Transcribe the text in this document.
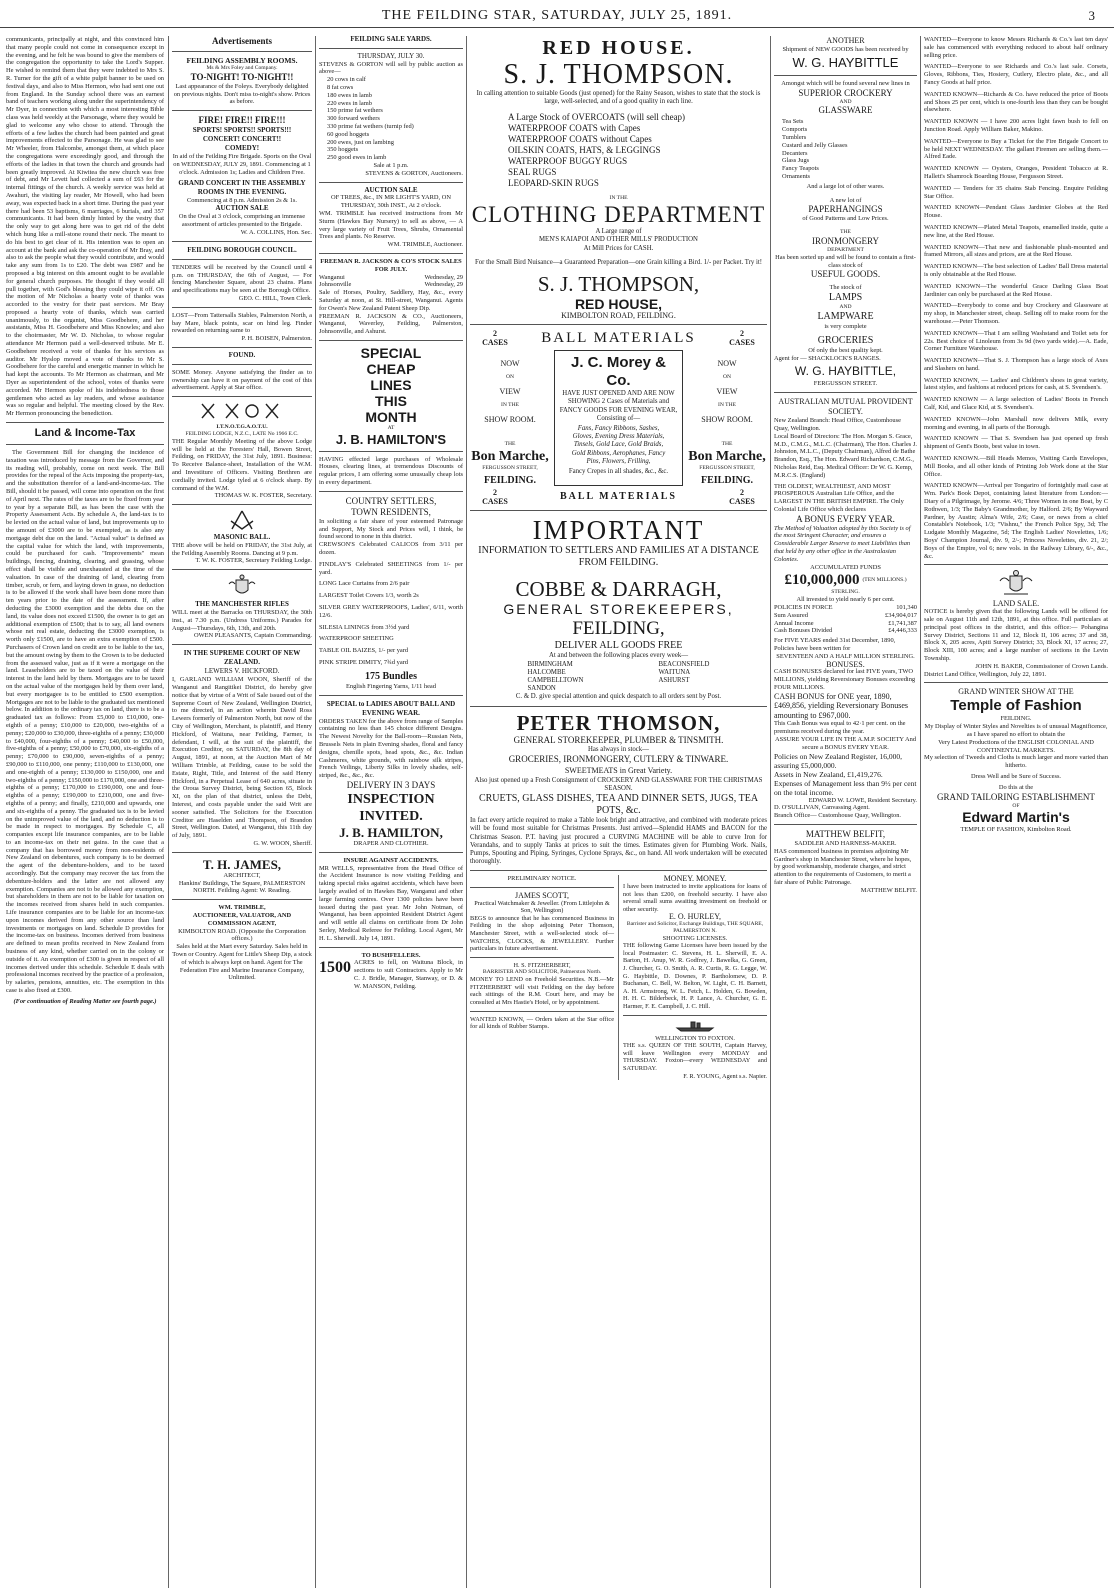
THE FEILDING STAR, SATURDAY, JULY 25, 1891.	3

communicants, principally at night, and this convinced him that many people could not come in consequence except in the evening, and he felt he was bound to give the members of the congregation the opportunity to take the Lord's Supper. He wished to remind them that they were indebted to Mrs S. R. Turner for the gift of a white pulpit banner to be used on festival days, and also to Miss Hermon, who had sent one out from England. In the Sunday school there was an earnest band of teachers working along under the superintendency of Mr Dyer, in connection with which a most interesting Bible class was held weekly at the Parsonage, where they would be glad to welcome any who chose to attend. Through the efforts of a few ladies the church had been painted and great improvements effected to the Parsonage. He was glad to see Mr Wheeler, from Halcombe, amongst them, at which place the congregations were exceedingly good, and through the efforts of the ladies in that town the church and grounds had been greatly improved. At Kiwitea the new church was free of debt, and Mr Levett had collected a sum of £63 for the internal fittings of the church. A weekly service was held at Awahuri, the visiting lay reader, Mr Howell, who had been away, was expected back in a short time. During the past year there had been 53 baptisms, 6 marriages, 6 burials, and 357 communicants. It had been dimly hinted by the vestry that the only way to get along here was to get rid of the debt which hung like a mill-stone round their neck. The meant to do his best to get clear of it. His intention was to open an account at the bank and ask the co-operation of Mr Bray, and also to ask the people what they would contribute, and would take any sum from 1s to £20. The debt was £987 and he proposed a big interest on this amount ought to be available for general church purposes. He thought if they would all pull together, with God's blessing they could wipe it off. On the motion of Mr Nicholas a hearty vote of thanks was accorded to the vestry for their past services. Mr Bray proposed a hearty vote of thanks, which was carried unanimously, to the organist, Miss Goodbehere, and her assistants, Miss H. Goodbehere and Miss Knowles; and also to the choirmaster, Mr W. D. Nicholas, to whose regular attendance Mr Hermon paid a well-deserved tribute. Mr E. Goodbehere received a vote of thanks for his services as auditor. Mr Hyslop moved a vote of thanks to Mr S. Goodbehere for the careful and energetic manner in which he had kept the accounts. To Mr Hermon as chairman, and Mr Dyer as superintendent of the school, votes of thanks were accorded. Mr Hermon spoke of his indebtedness to those gentlemen who acted as lay readers, and whose assistance was so regular and helpful. The meeting closed by the Rev. Mr Hermon pronouncing the benediction.

Land & Income-Tax

The Government Bill for changing the incidence of taxation was introduced by message from the Governor, and its reading will, probably, come on next week. The Bill provides for the repeal of the Acts imposing the property-tax, and the substitution therefor of a land-and-income-tax. The Bill, should it be passed, will come into operation on the first of April next. The rates of the taxes are to be fixed from year to year by a separate Bill, as has been the case with the Property Assessment Acts. By schedule A, the land-tax is to be levied on the actual value of land, but improvements up to the amount of £3000 are to be exempted, as is also any mortgage debt due on the land. "Actual value" is defined as the capital value for which the land, with improvements, could be purchased for cash. "Improvements" mean buildings, fencing, draining, clearing, and grassing, whose effect shall be visible and unexhausted at the time of the valuation. In case of the draining of land, clearing from timber, scrub, or fern, and laying down in grass, no deduction is to be allowed if the work shall have been done more than ten years prior to the date of the assessment. If, after deducting the £3000 exemption and the debts due on the land, its value does not exceed £1500, the owner is to get an additional exemption of £500; that is to say, all land owners whose net real estate, deducting the £3000 exemption, is worth only £1500, are to have an extra exemption of £500. Purchasers of Crown land on credit are to be liable to the tax, but the amount owing by them to the Crown is to be deducted from the assessed value, just as if it were a mortgage on the land. Leaseholders are to be taxed on the value of their interest in the land held by them. Mortgages are to be taxed on the actual value of the mortgages held by them over land, but every mortgagee is to be entitled to £500 exemption. Mortgages are not to be liable to the graduated tax mentioned below. In addition to the ordinary tax on land, there is to be a graduated tax as follows: From £5,000 to £10,000, one-eighth of a penny; £10,000 to £20,000, two-eighths of a penny; £20,000 to £30,000, three-eighths of a penny; £30,000 to £40,000, four-eighths of a penny; £40,000 to £50,000, five-eighths of a penny; £50,000 to £70,000, six-eighths of a penny; £70,000 to £90,000, seven-eighths of a penny; £90,000 to £110,000, one penny; £110,000 to £130,000, one and one-eighth of a penny; £130,000 to £150,000, one and two-eighths of a penny; £150,000 to £170,000, one and three-eighths of a penny; £170,000 to £190,000, one and four-eighths of a penny; £190,000 to £210,000, one and five-eighths of a penny; and finally, £210,000 and upwards, one and six-eighths of a penny. The graduated tax is to be levied on the unimproved value of the land, and no deduction is to be made in respect to mortgages. By Schedule C, all companies except life insurance companies, are to be liable to an income-tax on their net gains. In the case that a company that has borrowed money from non-residents of New Zealand on debentures, such company is to be deemed the agent of the debenture-holders, and to be taxed accordingly. But the company may recover the tax from the debenture-holders and the latter are not allowed any exemption. Companies are not to be allowed any exemption, but shareholders in them are not to be liable for taxation on the incomes received from shares held in such companies. Life insurance companies are to be liable for an income-tax upon incomes derived from any other source than land investments or mortgages on land. Schedule D provides for the income-tax on business. Incomes derived from business are defined to mean profits received in New Zealand from business of any kind, whether carried on in the colony or outside of it. An exemption of £300 is given in respect of all incomes derived under this schedule. Schedule E deals with professional incomes received by the practice of a profession, by salaries, pensions, annuities, etc. The exemption in this case is also fixed at £300.

(For continuation of Reading Matter see fourth page.)
Advertisements
FEILDING ASSEMBLY ROOMS.
Ms & Mrs Foley and Company.
TO-NIGHT! TO-NIGHT!!
Last appearance of the Foleys. Everybody delighted on previous nights. Don't miss to-night's show. Prices as before.
FIRE! FIRE!! FIRE!!!
SPORTS! SPORTS!! SPORTS!!!
CONCERT! CONCERT!!
COMEDY!
In aid of the Feilding Fire Brigade. Sports on the Oval on WEDNESDAY, JULY 29, 1891. Commencing at 1 o'clock. Admission 1s; Ladies and Children Free.
GRAND CONCERT IN THE ASSEMBLY ROOMS IN THE EVENING.
Commencing at 8 p.m. Admission 2s & 1s.
AUCTION SALE
On the Oval at 3 o'clock, comprising an immense assortment of articles presented to the Brigade.
W. A. COLLINS, Hon. Sec.
FEILDING BOROUGH COUNCIL.
TENDERS will be received by the Council until 4 p.m. on THURSDAY, the 6th of August, — For fencing Manchester Square, about 23 chains. Plans and specifications may be seen at the Borough Office.
GEO. C. HILL, Town Clerk.
LOST—From Tattersalls Stables, Palmerston North, a bay Mare, black points, scar on hind leg. Finder rewarded on returning same to
P. H. BOISEN, Palmerston.
FOUND.
SOME Money. Anyone satisfying the finder as to ownership can have it on payment of the cost of this advertisement. Apply at Star office.
I.T.N.O.T.G.A.O.T.U.
FEILDING LODGE, N.Z.C., LATE No 1966 E.C.
THE Regular Monthly Meeting of the above Lodge will be held at the Foresters' Hall, Bowen Street, Feilding, on FRIDAY, the 31st July, 1891. Business: To Receive Balance-sheet, Installation of the W.M. and Investiture of Officers. Visiting Brethren are cordially invited. Lodge tyled at 6 o'clock sharp. By command of the W.M.
THOMAS W. K. FOSTER, Secretary.
MASONIC BALL.
THE above will be held on FRIDAY, the 31st July, at the Feilding Assembly Rooms. Dancing at 9 p.m.
T. W. K. FOSTER, Secretary Feilding Lodge.
THE MANCHESTER RIFLES
WILL meet at the Barracks on THURSDAY, the 30th inst., at 7.30 p.m. (Undress Uniforms.) Parades for August—Thursdays, 6th, 13th, and 20th.
OWEN PLEASANTS, Captain Commanding.
IN THE SUPREME COURT OF NEW ZEALAND.
LEWERS V. HICKFORD.
I, GARLAND WILLIAM WOON, Sheriff of the Wanganui and Rangitikei District, do hereby give notice that by virtue of a Writ of Sale issued out of the Supreme Court of New Zealand, Wellington District, to me directed, in an action wherein David Ross Lewers formerly of Palmerston North, but now of the City of Wellington, Merchant, is plaintiff, and Henry Hickford, of Waituna, near Feilding, Farmer, is defendant, I will, at the suit of the plaintiff, the Execution Creditor, on SATURDAY, the 8th day of August, 1891, at noon, at the Auction Mart of Mr William Trimble, at Feilding, cause to be sold the Estate, Right, Title, and Interest of the said Henry Hickford, in a Perpetual Lease of 640 acres, situate in the Oroua Survey District, being Section 65, Block XI, on the plan of that district, unless the Debt, Interest, and costs payable under the said Writ are sooner satisfied. The Solicitors for the Execution Creditor are Haselden and Thompson, of Brandon Street, Wellington. Dated, at Wanganui, this 11th day of July, 1891.
G. W. WOON, Sheriff.
T. H. JAMES,
ARCHITECT,
Hankins' Buildings, The Square, PALMERSTON NORTH. Feilding Agent: W. Reading.
WM. TRIMBLE,
AUCTIONEER, VALUATOR, AND COMMISSION AGENT,
KIMBOLTON ROAD. (Opposite the Corporation offices.)
Sales held at the Mart every Saturday. Sales held in Town or Country. Agent for Little's Sheep Dip, a stock of which is always kept on hand. Agent for The Federation Fire and Marine Insurance Company, Unlimited.
FEILDING SALE YARDS.
THURSDAY, JULY 30.
STEVENS & GORTON will sell by public auction as above—
20 cows in calf
8 fat cows
180 ewes in lamb
220 ewes in lamb
150 prime fat wethers
300 forward wethers
330 prime fat wethers (turnip fed)
60 good hoggets
200 ewes, just on lambing
350 hoggets
250 good ewes in lamb
Sale at 1 p.m.
STEVENS & GORTON, Auctioneers.
AUCTION SALE
OF TREES, &c., IN MR LIGHT'S YARD, ON THURSDAY, 30th INST., At 2 o'clock.
WM. TRIMBLE has received instructions from Mr Sturm (Hawkes Bay Nursery) to sell as above, — A very large variety of Fruit Trees, Shrubs, Ornamental Trees and plants. No Reserve.
WM. TRIMBLE, Auctioneer.
FREEMAN R. JACKSON & CO'S STOCK SALES FOR JULY.
Wanganui	Wednesday, 29
Johnsonville	Wednesday, 29
Sale of Horses, Poultry, Saddlery, Hay, &c., every Saturday at noon, at St. Hill-street, Wanganui. Agents for Owen's New Zealand Patent Sheep Dip.
FREEMAN R. JACKSON & CO., Auctioneers, Wanganui, Waverley, Feilding, Palmerston, Johnsonville, and Ashurst.
SPECIAL
CHEAP
LINES
THIS
MONTH
AT
J. B. HAMILTON'S
HAVING effected large purchases of Wholesale Houses, clearing lines, at tremendous Discounts of regular prices, I am offering some unusually cheap lots in every department.
COUNTRY SETTLERS,
TOWN RESIDENTS,
In soliciting a fair share of your esteemed Patronage and Support, My Stock and Prices will, I think, be found second to none in this district.
CREWSON'S Celebrated CALICOS from 3/11 per dozen.
FINDLAY'S Celebrated SHEETINGS from 1/- per yard.
LONG Lace Curtains from 2/6 pair
LARGEST Toilet Covers 1/3, worth 2s
SILVER GREY WATERPROOFS, Ladies', 6/11, worth 12/6.
SILESIA LININGS from 3½d yard
WATERPROOF SHEETING
TABLE OIL BAIZES, 1/- per yard
PINK STRIPE DIMITY, 7¾d yard
175 Bundles
English Fingering Yarns, 1/11 head
SPECIAL to LADIES ABOUT BALL AND EVENING WEAR.
ORDERS TAKEN for the above from range of Samples containing no less than 145 choice different Designs. The Newest Novelty for the Ball-room—Russian Nets, Brussels Nets in plain Evening shades, floral and fancy designs, chenille spots, head spots, &c., &c. Indian Cashmeres, white grounds, with rainbow silk stripes, French Veilings, Liberty Silks in lovely shades, self-striped, &c., &c., &c.
DELIVERY IN 3 DAYS
INSPECTION INVITED.
J. B. HAMILTON,
DRAPER AND CLOTHIER.
INSURE AGAINST ACCIDENTS.
MR WELLS, representative from the Head Office of the Accident Insurance is now visiting Feilding and taking special risks against accidents, which have been largely availed of in Hawkes Bay, Wanganui and other large farming centres. Over 1300 policies have been issued during the past year. Mr John Notman, of Wanganui, has been appointed Resident District Agent and will settle all claims on certificate from Dr John Serley, Medical Referee for Feilding. Local Agent, Mr H. L. Sherwill. July 14, 1891.
TO BUSHFELLERS.
1500 ACRES to fell, on Waituna Block, in sections to suit Contractors. Apply to Mr C. J. Bridle, Manager, Stanway, or D. & W. MANSON, Feilding.
RED HOUSE.
S. J. THOMPSON.
In calling attention to suitable Goods (just opened) for the Rainy Season, wishes to state that the stock is large, well-selected, and of a good quality in each line.
A Large Stock of OVERCOATS (will sell cheap)
WATERPROOF COATS with Capes
WATERPROOF COATS without Capes
OILSKIN COATS, HATS, & LEGGINGS
WATERPROOF BUGGY RUGS
SEAL RUGS
LEOPARD-SKIN RUGS
IN THE
CLOTHING DEPARTMENT
A Large range of
MEN'S KAIAPOI AND OTHER MILLS' PRODUCTION
At Mill Prices for CASH.
For the Small Bird Nuisance—a Guaranteed Preparation—one Grain killing a Bird. 1/- per Packet. Try it!
S. J. THOMPSON,
RED HOUSE,
KIMBOLTON ROAD, FEILDING.
2
CASES	BALL MATERIALS	2
CASES
NOW
ON
VIEW
IN THE
SHOW ROOM.
THE
Bon Marche,
FERGUSSON STREET,
FEILDING.
J. C. Morey & Co.
HAVE JUST OPENED AND ARE NOW SHOWING 2 Cases of Materials and FANCY GOODS FOR EVENING WEAR, Consisting of—
Fans, Fancy Ribbons, Sashes, Gloves, Evening Dress Materials, Tinsels, Gold Lace, Gold Braids, Gold Ribbons, Aerophanes, Fancy Pins, Flowers, Frilling,
Fancy Crepes in all shades, &c., &c.
NOW
ON
VIEW
IN THE
SHOW ROOM.
THE
Bon Marche,
FERGUSSON STREET,
FEILDING.
2
CASES	BALL MATERIALS	2
CASES
IMPORTANT
INFORMATION TO SETTLERS AND FAMILIES AT A DISTANCE FROM FEILDING.
COBBE & DARRAGH,
GENERAL STOREKEEPERS,
FEILDING,
DELIVER ALL GOODS FREE
At and between the following places every week—
BIRMINGHAM
HALCOMBE
CAMPBELLTOWN
SANDON
BEACONSFIELD
WAITUNA
ASHURST
C. & D. give special attention and quick despatch to all orders sent by Post.
PETER THOMSON,
GENERAL STOREKEEPER, PLUMBER & TINSMITH.
Has always in stock—
GROCERIES, IRONMONGERY, CUTLERY & TINWARE.
SWEETMEATS in Great Variety.
Also just opened up a Fresh Consignment of CROCKERY AND GLASSWARE FOR THE CHRISTMAS SEASON.
CRUETS, GLASS DISHES, TEA AND DINNER SETS, JUGS, TEA POTS, &c.
In fact every article required to make a Table look bright and attractive, and combined with moderate prices will be found most suitable for Christmas Presents. Just arrived—Splendid HAMS and BACON for the Christmas Season. P.T. having just procured a CURVING MACHINE will be able to curve Iron for Verandahs, and to supply Tanks at prices to suit the times. Estimates given for Plumbing Work. Nails, Pumps, Spouting and Piping, Syringes, Cyclone Sprays, &c., on hand. All work undertaken will be executed thoroughly.
PRELIMINARY NOTICE.
JAMES SCOTT,
Practical Watchmaker & Jeweller. (From Littlejohn & Son, Wellington)
BEGS to announce that he has commenced Business in Feilding in the shop adjoining Peter Thomson, Manchester Street, with a well-selected stock of— WATCHES, CLOCKS, & JEWELLERY. Further particulars in future advertisement.
H. S. FITZHERBERT,
BARRISTER AND SOLICITOR, Palmerston North.
MONEY TO LEND on Freehold Securities. N.B.—Mr FITZHERBERT will visit Feilding on the day before each sittings of the R.M. Court here, and may be consulted at Mrs Hastie's Hotel, or by appointment.
WANTED KNOWN, — Orders taken at the Star office for all kinds of Rubber Stamps.
MONEY. MONEY.
I have been instructed to invite applications for loans of not less than £200, on freehold security. I have also several small sums awaiting investment on freehold or other security.
E. O. HURLEY,
Barrister and Solicitor, Exchange Buildings, THE SQUARE, PALMERSTON N.
SHOOTING LICENSES.
THE following Game Licenses have been issued by the local Postmaster: C. Stevens, H. L. Sherwill, E. A. Barton, H. Anup, W. R. Godfrey, J. Bawelka, G. Green, J. Churcher, G. O. Smith, A. R. Curtis, R. G. Legge, W. G. Haybittle, D. Downes, P. Bartholomew, D. P. Buchanan, C. Bell, W. Belton, W. Light, C. H. Barnett, A. H. Armstrong, W. L. Fetch, L. Holden, G. Bowden, H. H. C. Bilderbeck, H. P. Lance, A. Churcher, G. E. Harmer, F. E. Campbell, J. C. Hill.
WELLINGTON TO FOXTON.
THE s.s. QUEEN OF THE SOUTH, Captain Harvey, will leave Wellington every MONDAY and THURSDAY. Foxton—every WEDNESDAY and SATURDAY.
F. R. YOUNG, Agent s.s. Napier.
ANOTHER
Shipment of NEW GOODS has been received by
W. G. HAYBITTLE
Amongst which will be found several new lines in
SUPERIOR CROCKERY
AND
GLASSWARE
Tea Sets
Comports
Tumblers
Custard and Jelly Glasses
Decanters
Glass Jugs
Fancy Teapots
Ornaments
And a large lot of other wares.
A new lot of
PAPERHANGINGS
of Good Patterns and Low Prices.
THE
IRONMONGERY
DEPARTMENT
Has been sorted up and will be found to contain a first-class stock of
USEFUL GOODS.
The stock of
LAMPS
AND
LAMPWARE
is very complete
GROCERIES
Of only the best quality kept.
Agent for — SHACKLOCK'S RANGES.
W. G. HAYBITTLE,
FERGUSSON STREET.
AUSTRALIAN MUTUAL PROVIDENT SOCIETY.
New Zealand Branch: Head Office, Customhouse Quay, Wellington.
Local Board of Directors: The Hon. Morgan S. Grace, M.D., C.M.G., M.L.C. (Chairman), The Hon. Charles J. Johnston, M.L.C., (Deputy Chairman), Alfred de Bathe Brandon, Esq., The Hon. Edward Richardson, C.M.G., Nicholas Reid, Esq. Medical Officer: Dr W. G. Kemp, M.R.C.S. (England)
THE OLDEST, WEALTHIEST, AND MOST PROSPEROUS Australian Life Office, and the LARGEST IN THE BRITISH EMPIRE. The Only Colonial Life Office which declares
A BONUS EVERY YEAR.
The Method of Valuation adopted by this Society is of the most Stringent Character, and ensures a Considerable Larger Reserve to meet Liabilities than that held by any other office in the Australasian Colonies.
ACCUMULATED FUNDS
£10,000,000 (TEN MILLIONS.)
STERLING.
All invested to yield nearly 6 per cent.
POLICIES IN FORCE	101,340
Sum Assured	£34,904,017
Annual Income	£1,741,387
Cash Bonuses Divided	£4,446,333
For FIVE YEARS ended 31st December, 1890, Policies have been written for
SEVENTEEN AND A HALF MILLION STERLING.
BONUSES.
CASH BONUSES declared for last FIVE years, TWO MILLIONS, yielding Reversionary Bonuses exceeding FOUR MILLIONS.
CASH BONUS for ONE year, 1890, £469,856, yielding Reversionary Bonuses amounting to £967,000.
This Cash Bonus was equal to 42·1 per cent. on the premiums received during the year.
ASSURE YOUR LIFE IN THE A.M.P. SOCIETY And secure a BONUS EVERY YEAR.
Policies on New Zealand Register, 16,000, assuring £5,000,000.
Assets in New Zealand, £1,419,276.
Expenses of Management less than 9½ per cent on the total income.
EDWARD W. LOWE, Resident Secretary.
D. O'SULLIVAN, Canvassing Agent.
Branch Office— Customhouse Quay, Wellington.
MATTHEW BELFIT,
SADDLER AND HARNESS-MAKER.
HAS commenced business in premises adjoining Mr Gardner's shop in Manchester Street, where he hopes, by good workmanship, moderate charges, and strict attention to the requirements of Customers, to merit a fair share of Public Patronage.
MATTHEW BELFIT.
WANTED—Everyone to know Messrs Richards & Co.'s last ten days' sale has commenced with everything reduced to about half ordinary selling price.
WANTED—Everyone to see Richards and Co.'s last sale. Corsets, Gloves, Ribbons, Ties, Hosiery, Cutlery, Electro plate, &c., and all Fancy Goods at half price.
WANTED KNOWN—Richards & Co. have reduced the price of Boots and Shoes 25 per cent, which is one-fourth less than they can be bought elsewhere.
WANTED KNOWN — I have 200 acres light fawn bush to fell on Junction Road. Apply William Baker, Makino.
WANTED—Everyone to Buy a Ticket for the Fire Brigade Concert to be held NEXT WEDNESDAY. The gallant Firemen are selling them.—Alfred Eade.
WANTED KNOWN — Oysters, Oranges, President Tobacco at R. Hallett's Shamrock Boarding House, Fergusson Street.
WANTED — Tenders for 35 chains Stab Fencing. Enquire Feilding Star Office.
WANTED KNOWN—Pendant Glass Jardinier Globes at the Red House.
WANTED KNOWN—Plated Metal Teapots, enamelled inside, quite a new line, at the Red House.
WANTED KNOWN—That new and fashionable plush-mounted and framed Mirrors, all sizes and prices, are at the Red House.
WANTED KNOWN—The best selection of Ladies' Ball Dress material is only obtainable at the Red House.
WANTED KNOWN—The wonderful Grace Darling Glass Boat Jardinier can only be purchased at the Red House.
WANTED—Everybody to come and buy Crockery and Glassware at my shop, in Manchester street, cheap. Selling off to make room for the warehouse.—Peter Thomson.
WANTED KNOWN—That I am selling Washstand and Toilet sets for 22s. Best choice of Linoleum from 3s 9d (two yards wide).—A. Eade, Corner Furniture Warehouse.
WANTED KNOWN—That S. J. Thompson has a large stock of Axes and Slashers on hand.
WANTED KNOWN, — Ladies' and Children's shoes in great variety, latest styles, and fashions at reduced prices for cash, at S. Svendsen's.
WANTED KNOWN — A large selection of Ladies' Boots in French Calf, Kid, and Glace Kid, at S. Svendsen's.
WANTED KNOWN—John Marshall now delivers Milk, every morning and evening, in all parts of the Borough.
WANTED KNOWN — That S. Svendsen has just opened up fresh shipment of Gent's Boots, best value in town.
WANTED KNOWN.—Bill Heads Memos, Visiting Cards Envelopes, Mill Books, and all other kinds of Printing Job Work done at the Star Office.
WANTED KNOWN—Arrival per Tongariro of fortnightly mail case at Wm. Park's Book Depot, containing latest literature from London:—Diary of a Pilgrimage, by Jerome. 4/6; Three Women in one Boat, by C Rothwen, 1/3; The Baby's Grandmother, by Halford. 2/6; By Wayward Pardner, by Austin; Alma's Wife, 2/6; Case, or news from a chief Constable's Notebook, 1/3; "Vishnu," the French Police Spy, 3d; The Ludgate Monthly Magazine, 5d; The English Ladies' Novelettes, 1/6; Boys' Champion Journal, div. 9, 2/-; Princess Novelettes, div. 21, 2/; Boys of the Empire, vol 6; new vols. in the Railway Library, 6/-, &c., &c.
LAND SALE.
NOTICE is hereby given that the following Lands will be offered for sale on August 11th and 12th, 1891, at this office. Full particulars at principal post offices in the district, and this office:— Pohangina Survey District, Sections 11 and 12, Block II, 106 acres; 37 and 38, Block X, 205 acres, Apiti Survey District; 33, Block XI, 17 acres; 27, Block XIII, 100 acres; and a large number of sections in the Levin Township.
JOHN H. BAKER, Commissioner of Crown Lands.
District Land Office, Wellington, July 22, 1891.
GRAND WINTER SHOW AT THE
Temple of Fashion
FEILDING.
My Display of Winter Styles and Novelties is of unusual Magnificence, as I have spared no effort to obtain the
Very Latest Productions of the ENGLISH COLONIAL AND CONTINENTAL MARKETS.
My selection of Tweeds and Cloths is much larger and more varied than hitherto.
Dress Well and be Sure of Success.
Do this at the
GRAND TAILORING ESTABLISHMENT
OF
Edward Martin's
TEMPLE OF FASHION, Kimbolton Road.
